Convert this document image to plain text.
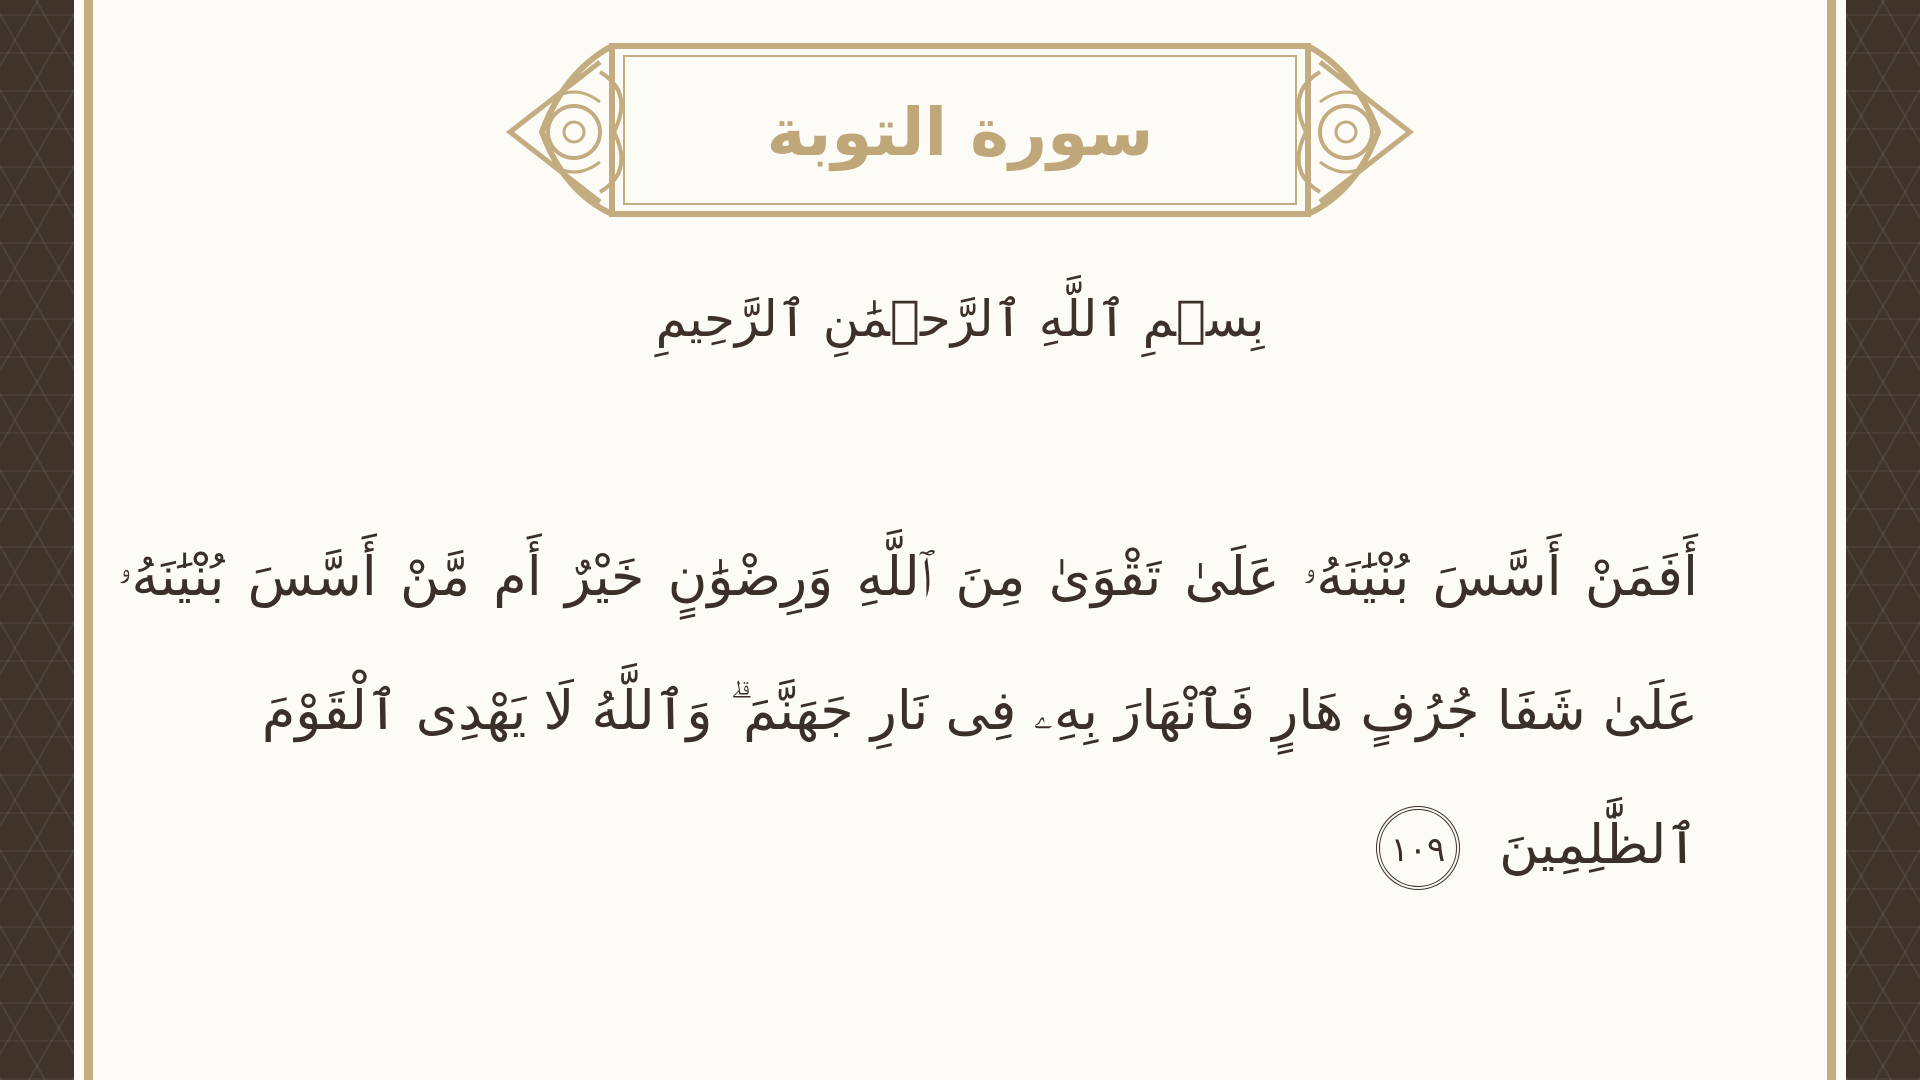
سورة التوبة
بِسۡمِ ٱللَّهِ ٱلرَّحۡمَٰنِ ٱلرَّحِيمِ
أَفَمَنْ أَسَّسَ بُنْيَٰنَهُۥ عَلَىٰ تَقْوَىٰ مِنَ ٱللَّهِ وَرِضْوَٰنٍ خَيْرٌ أَم مَّنْ أَسَّسَ بُنْيَٰنَهُۥ
عَلَىٰ شَفَا جُرُفٍ هَارٍ فَٱنْهَارَ بِهِۦ فِى نَارِ جَهَنَّمَ ۗ وَٱللَّهُ لَا يَهْدِى ٱلْقَوْمَ
ٱلظَّٰلِمِينَ ١٠٩
